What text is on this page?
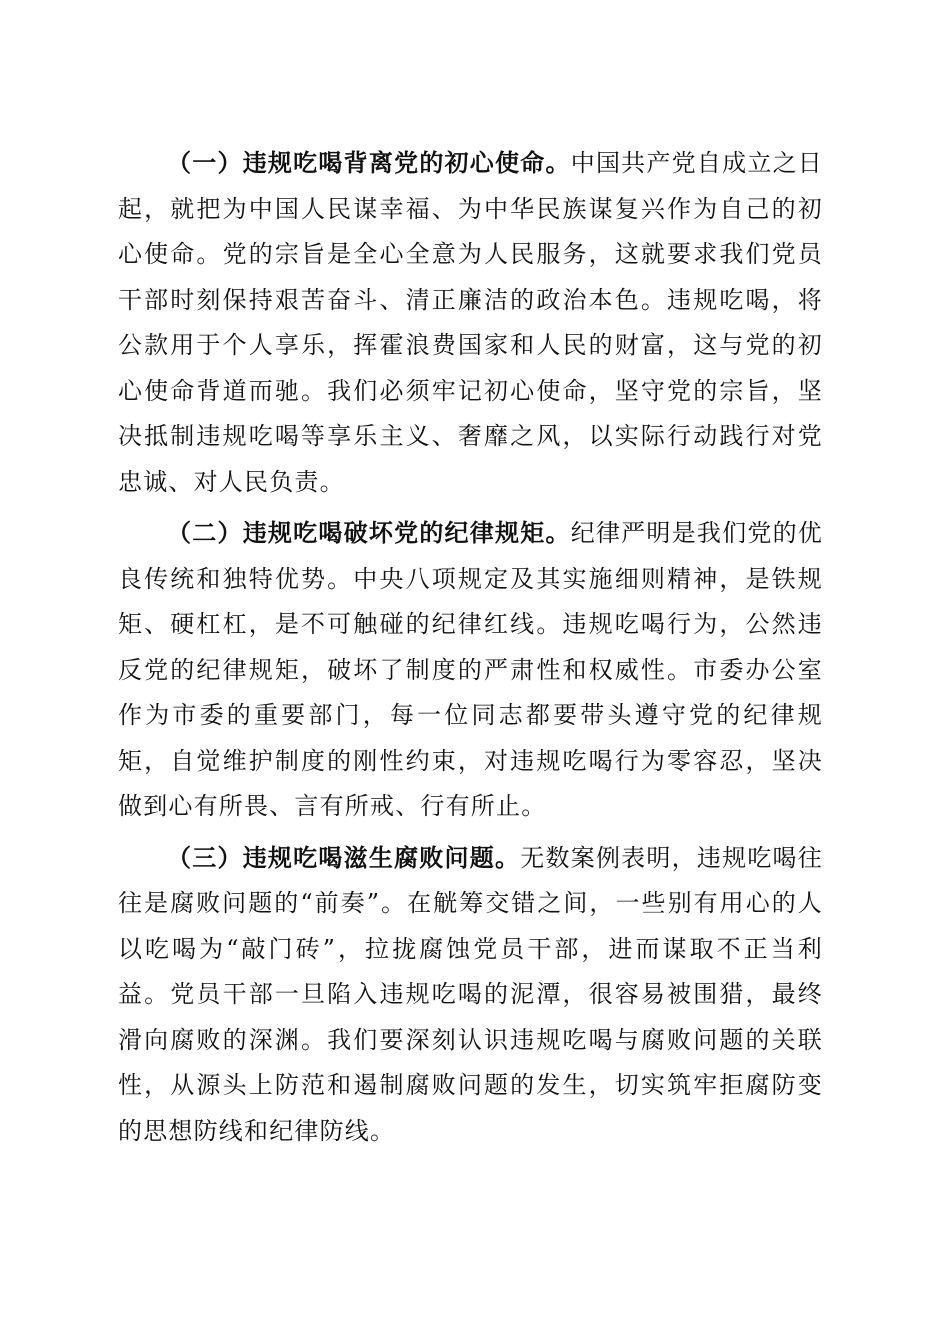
（一）违规吃喝背离党的初心使命。中国共产党自成立之日起，就把为中国人民谋幸福、为中华民族谋复兴作为自己的初心使命。党的宗旨是全心全意为人民服务，这就要求我们党员干部时刻保持艰苦奋斗、清正廉洁的政治本色。违规吃喝，将公款用于个人享乐，挥霍浪费国家和人民的财富，这与党的初心使命背道而驰。我们必须牢记初心使命，坚守党的宗旨，坚决抵制违规吃喝等享乐主义、奢靡之风，以实际行动践行对党忠诚、对人民负责。

（二）违规吃喝破坏党的纪律规矩。纪律严明是我们党的优良传统和独特优势。中央八项规定及其实施细则精神，是铁规矩、硬杠杠，是不可触碰的纪律红线。违规吃喝行为，公然违反党的纪律规矩，破坏了制度的严肃性和权威性。市委办公室作为市委的重要部门，每一位同志都要带头遵守党的纪律规矩，自觉维护制度的刚性约束，对违规吃喝行为零容忍，坚决做到心有所畏、言有所戒、行有所止。

（三）违规吃喝滋生腐败问题。无数案例表明，违规吃喝往往是腐败问题的“前奏”。在觥筹交错之间，一些别有用心的人以吃喝为“敲门砖”，拉拢腐蚀党员干部，进而谋取不正当利益。党员干部一旦陷入违规吃喝的泥潭，很容易被围猎，最终滑向腐败的深渊。我们要深刻认识违规吃喝与腐败问题的关联性，从源头上防范和遏制腐败问题的发生，切实筑牢拒腐防变的思想防线和纪律防线。
